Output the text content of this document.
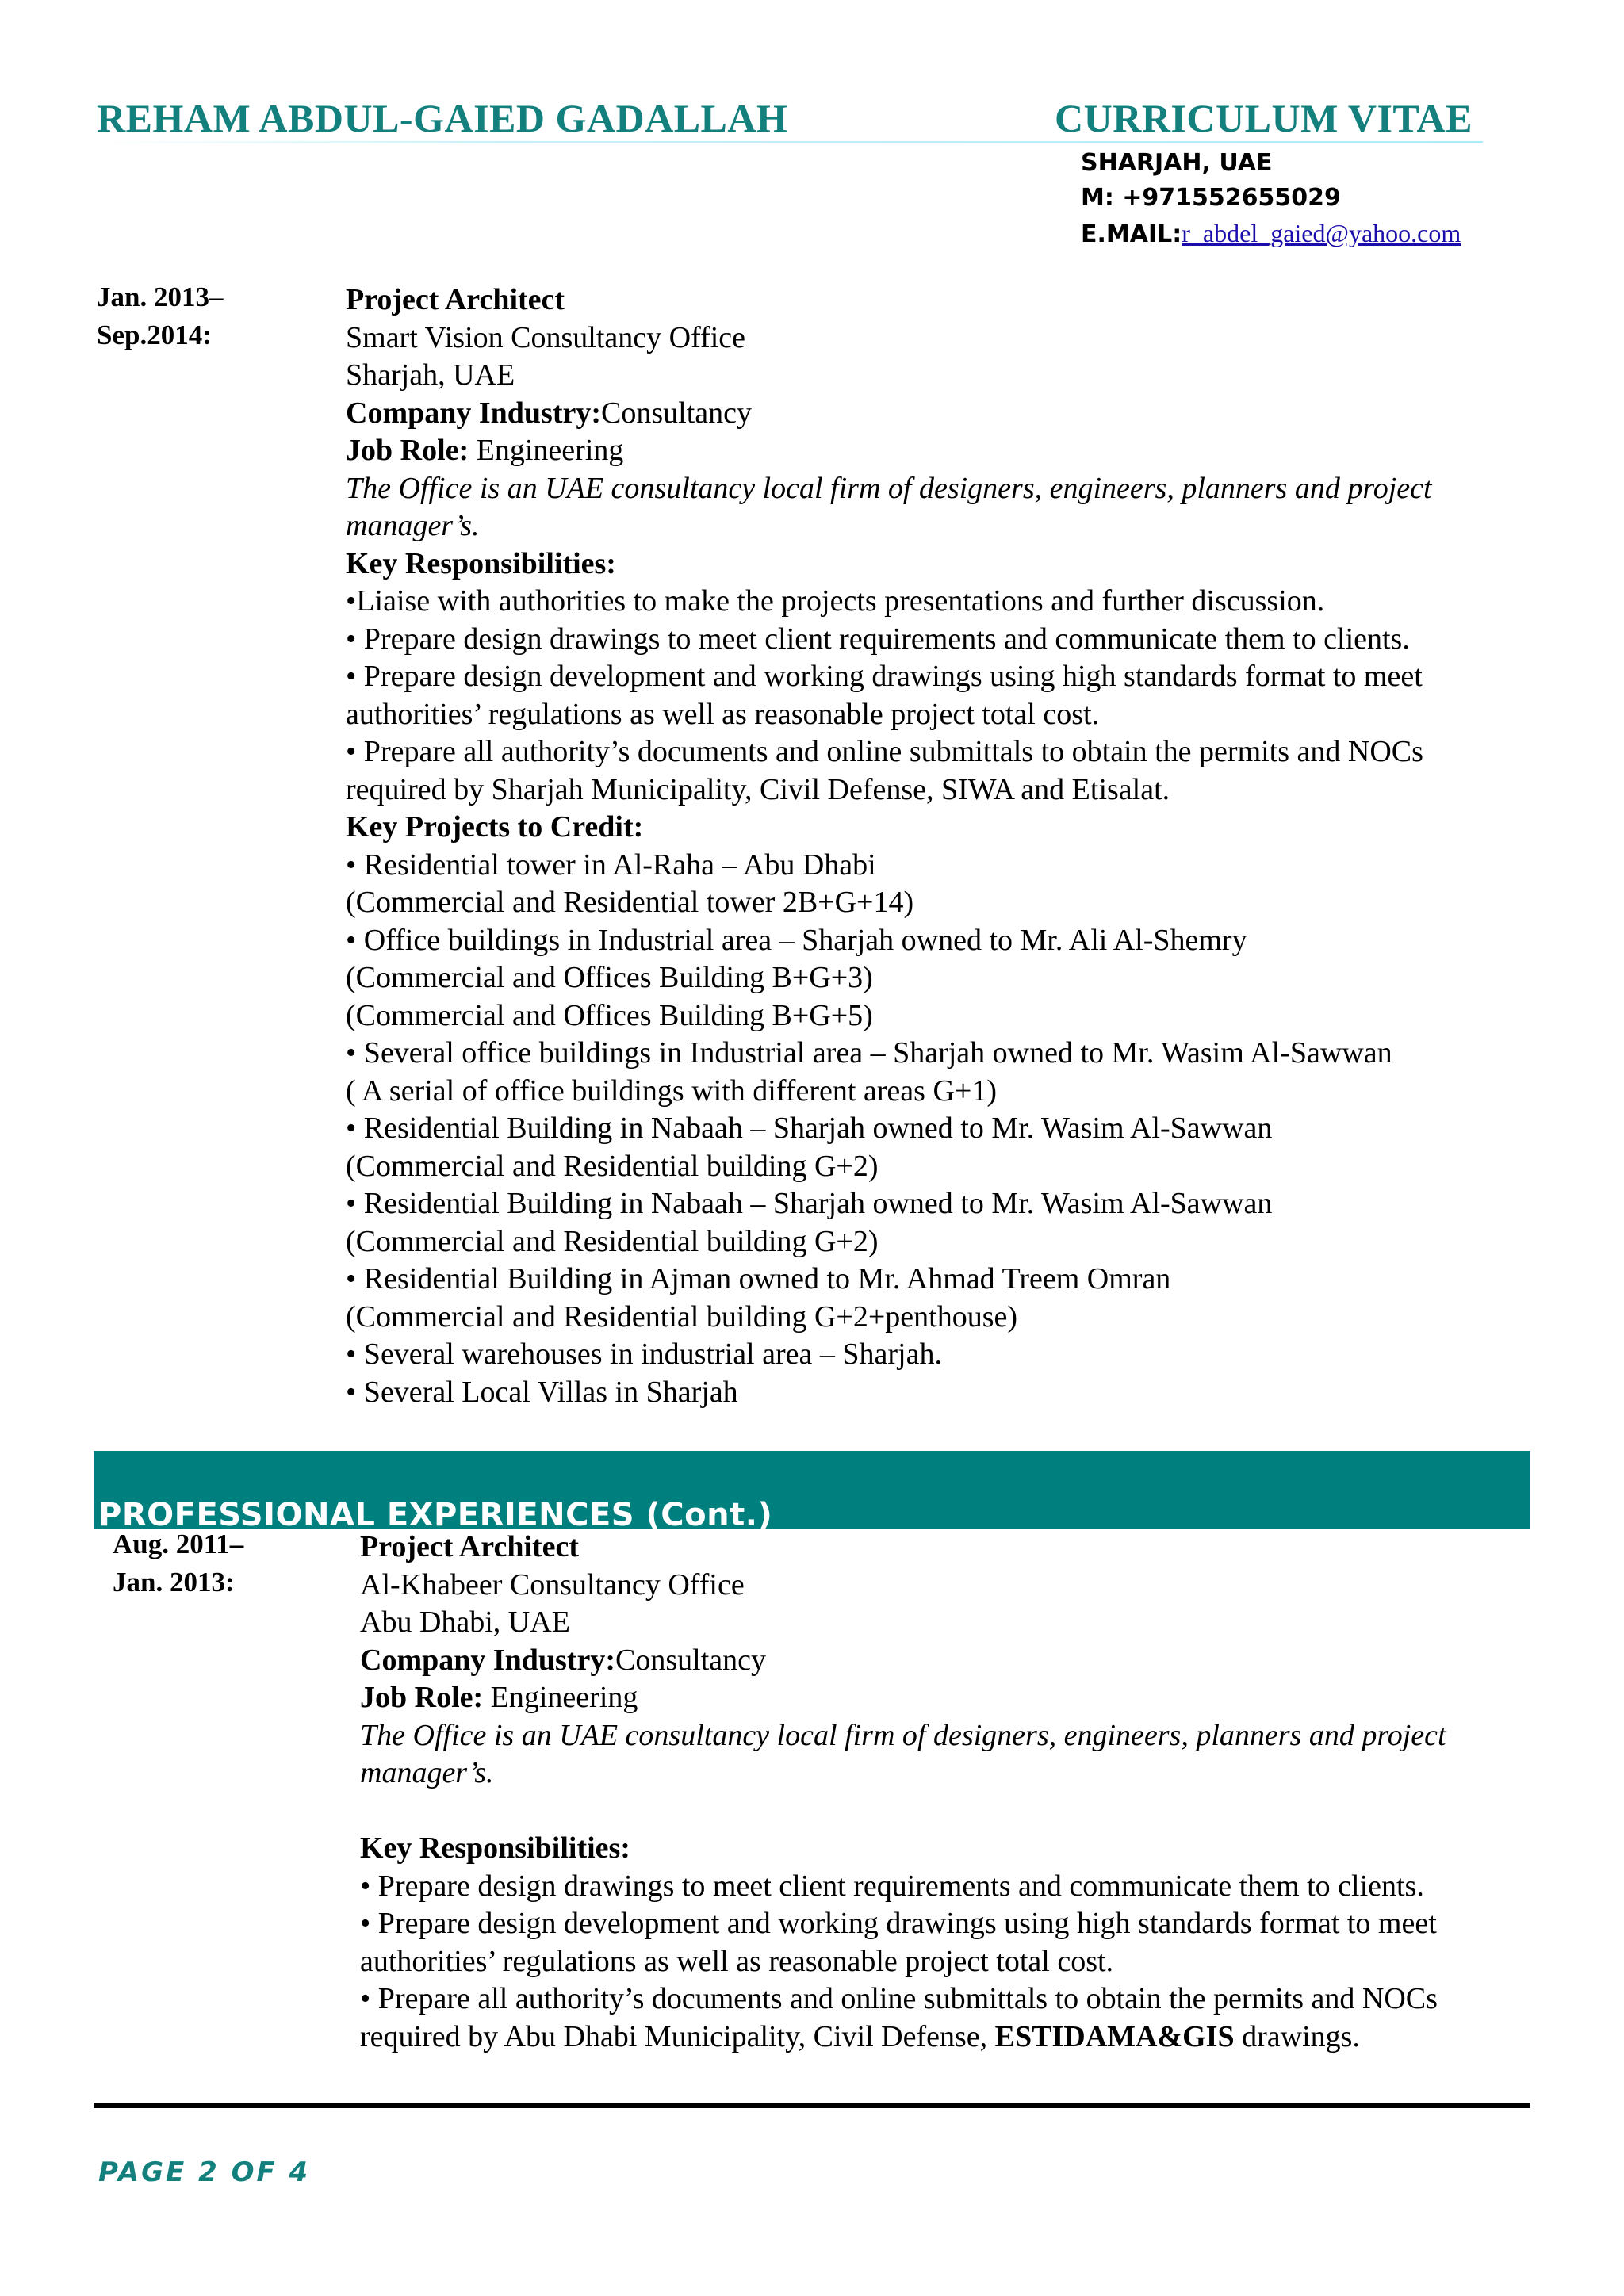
REHAM ABDUL-GAIED GADALLAH	CURRICULUM VITAE
SHARJAH, UAE
M: +971552655029
E.MAIL:r_abdel_gaied@yahoo.com
Jan. 2013–
Sep.2014:
Project Architect
Smart Vision Consultancy Office
Sharjah, UAE
Company Industry:Consultancy
Job Role: Engineering
The Office is an UAE consultancy local firm of designers, engineers, planners and project
manager’s.
Key Responsibilities:
•Liaise with authorities to make the projects presentations and further discussion.
• Prepare design drawings to meet client requirements and communicate them to clients.
• Prepare design development and working drawings using high standards format to meet
authorities’ regulations as well as reasonable project total cost.
• Prepare all authority’s documents and online submittals to obtain the permits and NOCs
required by Sharjah Municipality, Civil Defense, SIWA and Etisalat.
Key Projects to Credit:
• Residential tower in Al-Raha – Abu Dhabi
(Commercial and Residential tower 2B+G+14)
• Office buildings in Industrial area – Sharjah owned to Mr. Ali Al-Shemry
(Commercial and Offices Building B+G+3)
(Commercial and Offices Building B+G+5)
• Several office buildings in Industrial area – Sharjah owned to Mr. Wasim Al-Sawwan
( A serial of office buildings with different areas G+1)
• Residential Building in Nabaah – Sharjah owned to Mr. Wasim Al-Sawwan
(Commercial and Residential building G+2)
• Residential Building in Nabaah – Sharjah owned to Mr. Wasim Al-Sawwan
(Commercial and Residential building G+2)
• Residential Building in Ajman owned to Mr. Ahmad Treem Omran
(Commercial and Residential building G+2+penthouse)
• Several warehouses in industrial area – Sharjah.
• Several Local Villas in Sharjah
PROFESSIONAL EXPERIENCES (Cont.)
Aug. 2011–
Jan. 2013:
Project Architect
Al-Khabeer Consultancy Office
Abu Dhabi, UAE
Company Industry:Consultancy
Job Role: Engineering
The Office is an UAE consultancy local firm of designers, engineers, planners and project
manager’s.
Key Responsibilities:
• Prepare design drawings to meet client requirements and communicate them to clients.
• Prepare design development and working drawings using high standards format to meet
authorities’ regulations as well as reasonable project total cost.
• Prepare all authority’s documents and online submittals to obtain the permits and NOCs
required by Abu Dhabi Municipality, Civil Defense, ESTIDAMA&GIS drawings.
PAGE 2 OF 4
